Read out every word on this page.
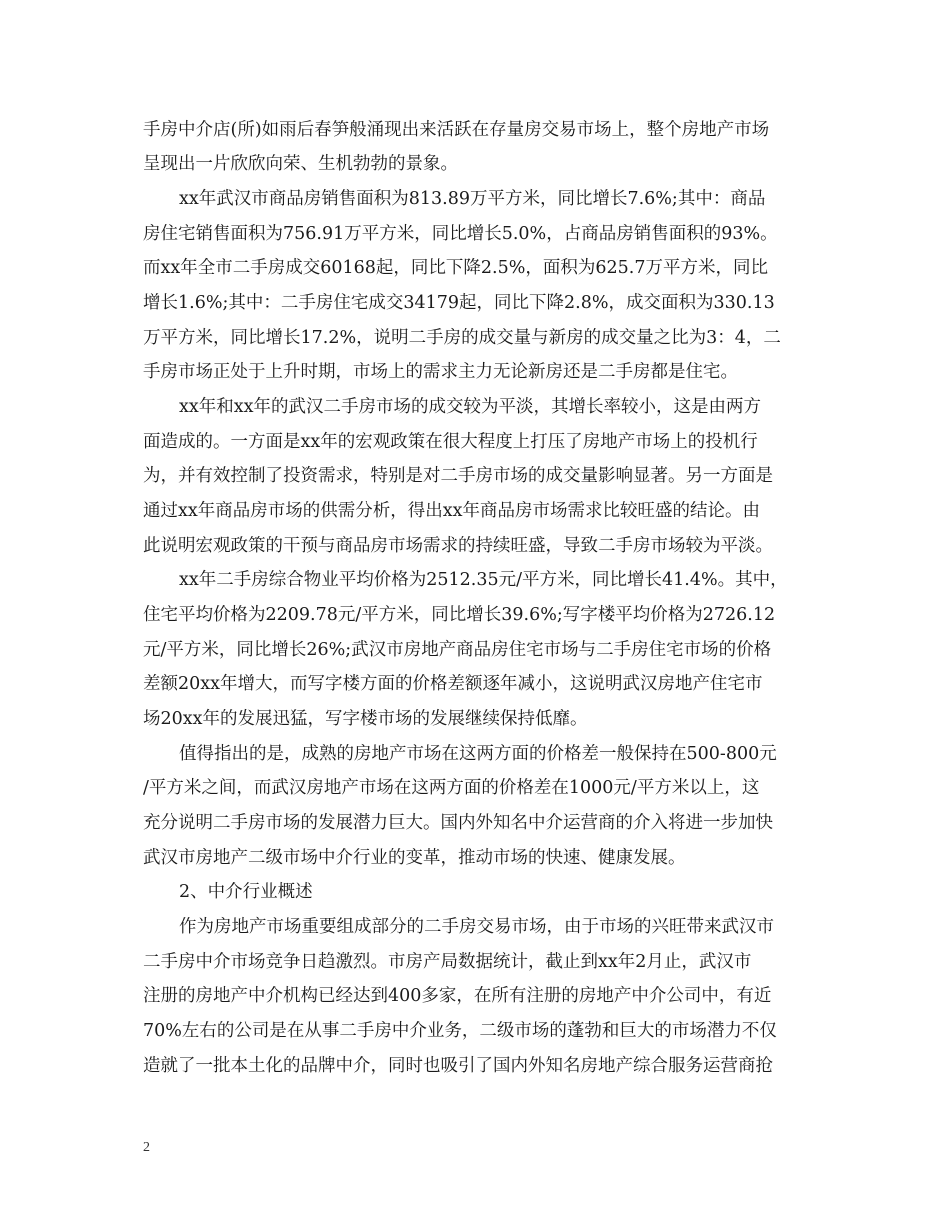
手房中介店(所)如雨后春笋般涌现出来活跃在存量房交易市场上，整个房地产市场
呈现出一片欣欣向荣、生机勃勃的景象。
xx年武汉市商品房销售面积为813.89万平方米，同比增长7.6%;其中：商品
房住宅销售面积为756.91万平方米，同比增长5.0%，占商品房销售面积的93%。
而xx年全市二手房成交60168起，同比下降2.5%，面积为625.7万平方米，同比
增长1.6%;其中：二手房住宅成交34179起，同比下降2.8%，成交面积为330.13
万平方米，同比增长17.2%，说明二手房的成交量与新房的成交量之比为3：4，二
手房市场正处于上升时期，市场上的需求主力无论新房还是二手房都是住宅。
xx年和xx年的武汉二手房市场的成交较为平淡，其增长率较小，这是由两方
面造成的。一方面是xx年的宏观政策在很大程度上打压了房地产市场上的投机行
为，并有效控制了投资需求，特别是对二手房市场的成交量影响显著。另一方面是
通过xx年商品房市场的供需分析，得出xx年商品房市场需求比较旺盛的结论。由
此说明宏观政策的干预与商品房市场需求的持续旺盛，导致二手房市场较为平淡。
xx年二手房综合物业平均价格为2512.35元/平方米，同比增长41.4%。其中，
住宅平均价格为2209.78元/平方米，同比增长39.6%;写字楼平均价格为2726.12
元/平方米，同比增长26%;武汉市房地产商品房住宅市场与二手房住宅市场的价格
差额20xx年增大，而写字楼方面的价格差额逐年减小，这说明武汉房地产住宅市
场20xx年的发展迅猛，写字楼市场的发展继续保持低靡。
值得指出的是，成熟的房地产市场在这两方面的价格差一般保持在500-800元
/平方米之间，而武汉房地产市场在这两方面的价格差在1000元/平方米以上，这
充分说明二手房市场的发展潜力巨大。国内外知名中介运营商的介入将进一步加快
武汉市房地产二级市场中介行业的变革，推动市场的快速、健康发展。
2、中介行业概述
作为房地产市场重要组成部分的二手房交易市场，由于市场的兴旺带来武汉市
二手房中介市场竞争日趋激烈。市房产局数据统计，截止到xx年2月止，武汉市
注册的房地产中介机构已经达到400多家，在所有注册的房地产中介公司中，有近
70%左右的公司是在从事二手房中介业务，二级市场的蓬勃和巨大的市场潜力不仅
造就了一批本土化的品牌中介，同时也吸引了国内外知名房地产综合服务运营商抢
2
